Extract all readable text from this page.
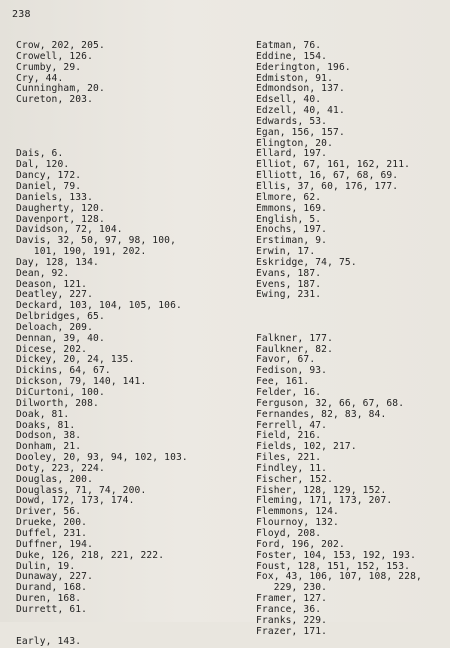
238
Crow, 202, 205.
Crowell, 126.
Crumby, 29.
Cry, 44.
Cunningham, 20.
Cureton, 203.
Dais, 6.
Dal, 120.
Dancy, 172.
Daniel, 79.
Daniels, 133.
Daugherty, 120.
Davenport, 128.
Davidson, 72, 104.
Davis, 32, 50, 97, 98, 100,
101, 190, 191, 202.
Day, 128, 134.
Dean, 92.
Deason, 121.
Deatley, 227.
Deckard, 103, 104, 105, 106.
Delbridges, 65.
Deloach, 209.
Dennan, 39, 40.
Dicese, 202.
Dickey, 20, 24, 135.
Dickins, 64, 67.
Dickson, 79, 140, 141.
DiCurtoni, 100.
Dilworth, 208.
Doak, 81.
Doaks, 81.
Dodson, 38.
Donham, 21.
Dooley, 20, 93, 94, 102, 103.
Doty, 223, 224.
Douglas, 200.
Douglass, 71, 74, 200.
Dowd, 172, 173, 174.
Driver, 56.
Drueke, 200.
Duffel, 231.
Duffner, 194.
Duke, 126, 218, 221, 222.
Dulin, 19.
Dunaway, 227.
Durand, 168.
Duren, 168.
Durrett, 61.
Early, 143.
Eatman, 76.
Eddine, 154.
Ederington, 196.
Edmiston, 91.
Edmondson, 137.
Edsell, 40.
Edzell, 40, 41.
Edwards, 53.
Egan, 156, 157.
Elington, 20.
Ellard, 197.
Elliot, 67, 161, 162, 211.
Elliott, 16, 67, 68, 69.
Ellis, 37, 60, 176, 177.
Elmore, 62.
Emmons, 169.
English, 5.
Enochs, 197.
Erstiman, 9.
Erwin, 17.
Eskridge, 74, 75.
Evans, 187.
Evens, 187.
Ewing, 231.
Falkner, 177.
Faulkner, 82.
Favor, 67.
Fedison, 93.
Fee, 161.
Felder, 16.
Ferguson, 32, 66, 67, 68.
Fernandes, 82, 83, 84.
Ferrell, 47.
Field, 216.
Fields, 102, 217.
Files, 221.
Findley, 11.
Fischer, 152.
Fisher, 128, 129, 152.
Fleming, 171, 173, 207.
Flemmons, 124.
Flournoy, 132.
Floyd, 208.
Ford, 196, 202.
Foster, 104, 153, 192, 193.
Foust, 128, 151, 152, 153.
Fox, 43, 106, 107, 108, 228,
229, 230.
Framer, 127.
France, 36.
Franks, 229.
Frazer, 171.
